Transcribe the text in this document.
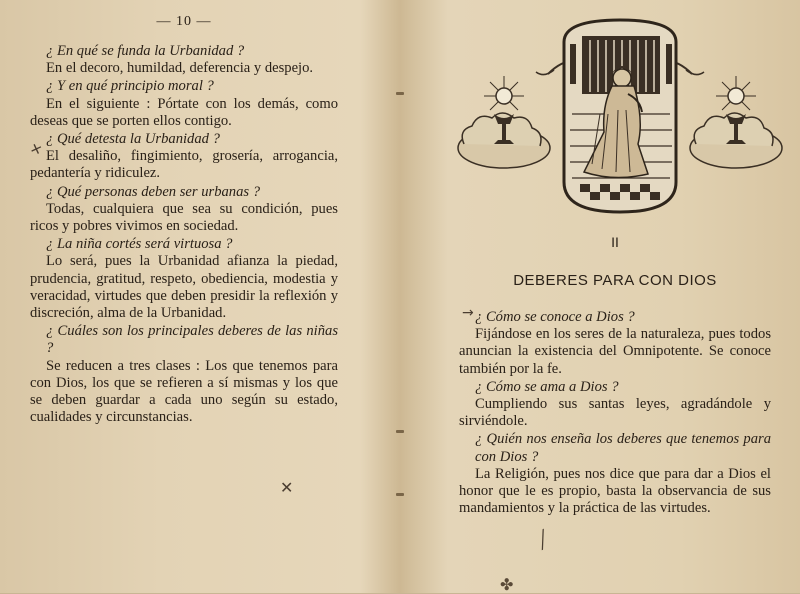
— 10 —
¿ En qué se funda la Urbanidad ?

En el decoro, humildad, deferencia y despejo.

¿ Y en qué principio moral ?

En el siguiente : Pórtate con los demás, como deseas que se porten ellos contigo.

¿ Qué detesta la Urbanidad ?

El desaliño, fingimiento, grosería, arrogancia, pedantería y ridiculez.

¿ Qué personas deben ser urbanas ?

Todas, cualquiera que sea su condición, pues ricos y pobres vivimos en sociedad.

¿ La niña cortés será virtuosa ?

Lo será, pues la Urbanidad afianza la piedad, prudencia, gratitud, respeto, obediencia, modestia y veracidad, virtudes que deben presidir la reflexión y discreción, alma de la Urbanidad.

¿ Cuáles son los principales deberes de las niñas ?

Se reducen a tres clases : Los que tenemos para con Dios, los que se refieren a sí mismas y los que se deben guardar a cada uno según su estado, cualidades y circunstancias.

✕
✕
II
DEBERES PARA CON DIOS
¿ Cómo se conoce a Dios ?

Fijándose en los seres de la naturaleza, pues todos anuncian la existencia del Omnipotente. Se conoce también por la fe.

¿ Cómo se ama a Dios ?

Cumpliendo sus santas leyes, agradándole y sirviéndole.

¿ Quién nos enseña los deberes que tenemos para con Dios ?

La Religión, pues nos dice que para dar a Dios el honor que le es propio, basta la observancia de sus mandamientos y la práctica de las virtudes.

→
╱
✤
